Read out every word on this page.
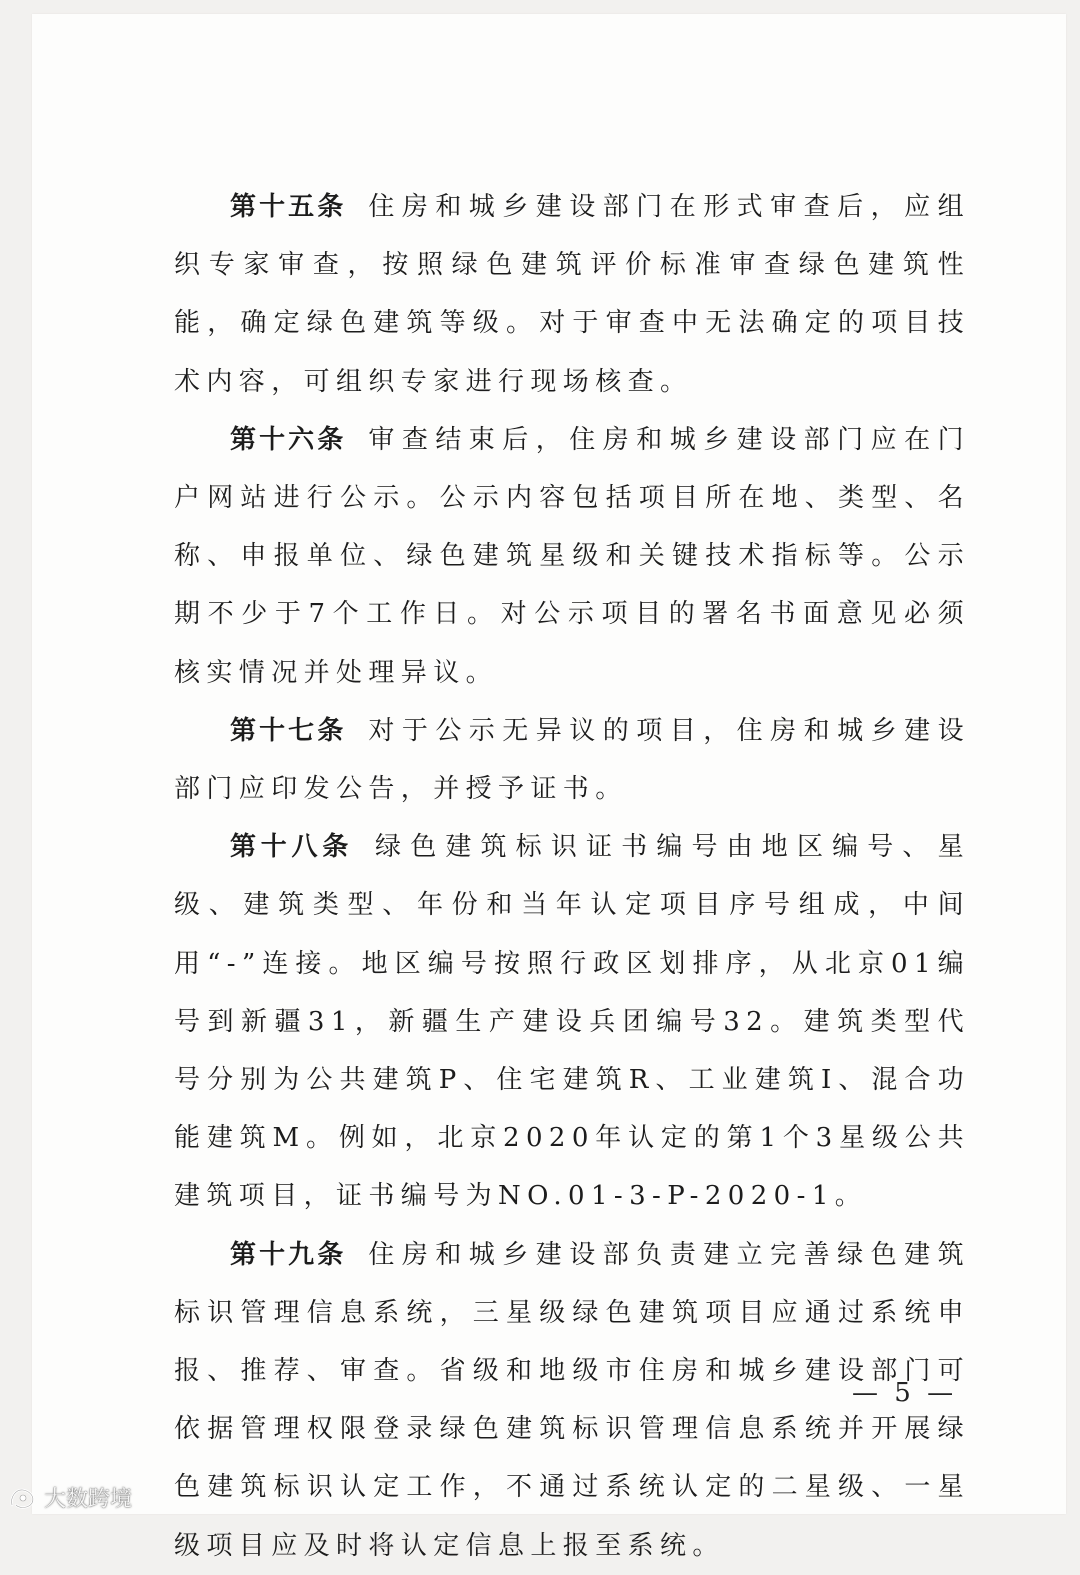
第十五条 住房和城乡建设部门在形式审查后，应组织专家审查，按照绿色建筑评价标准审查绿色建筑性能，确定绿色建筑等级。对于审查中无法确定的项目技术内容，可组织专家进行现场核查。

第十六条 审查结束后，住房和城乡建设部门应在门户网站进行公示。公示内容包括项目所在地、类型、名称、申报单位、绿色建筑星级和关键技术指标等。公示期不少于7个工作日。对公示项目的署名书面意见必须核实情况并处理异议。

第十七条 对于公示无异议的项目，住房和城乡建设部门应印发公告，并授予证书。

第十八条 绿色建筑标识证书编号由地区编号、星级、建筑类型、年份和当年认定项目序号组成，中间用“-”连接。地区编号按照行政区划排序，从北京01编号到新疆31，新疆生产建设兵团编号32。建筑类型代号分别为公共建筑P、住宅建筑R、工业建筑I、混合功能建筑M。例如，北京2020年认定的第1个3星级公共建筑项目，证书编号为NO.01-3-P-2020-1。

第十九条 住房和城乡建设部负责建立完善绿色建筑标识管理信息系统，三星级绿色建筑项目应通过系统申报、推荐、审查。省级和地级市住房和城乡建设部门可依据管理权限登录绿色建筑标识管理信息系统并开展绿色建筑标识认定工作，不通过系统认定的二星级、一星级项目应及时将认定信息上报至系统。

— 5 —
大数跨境
